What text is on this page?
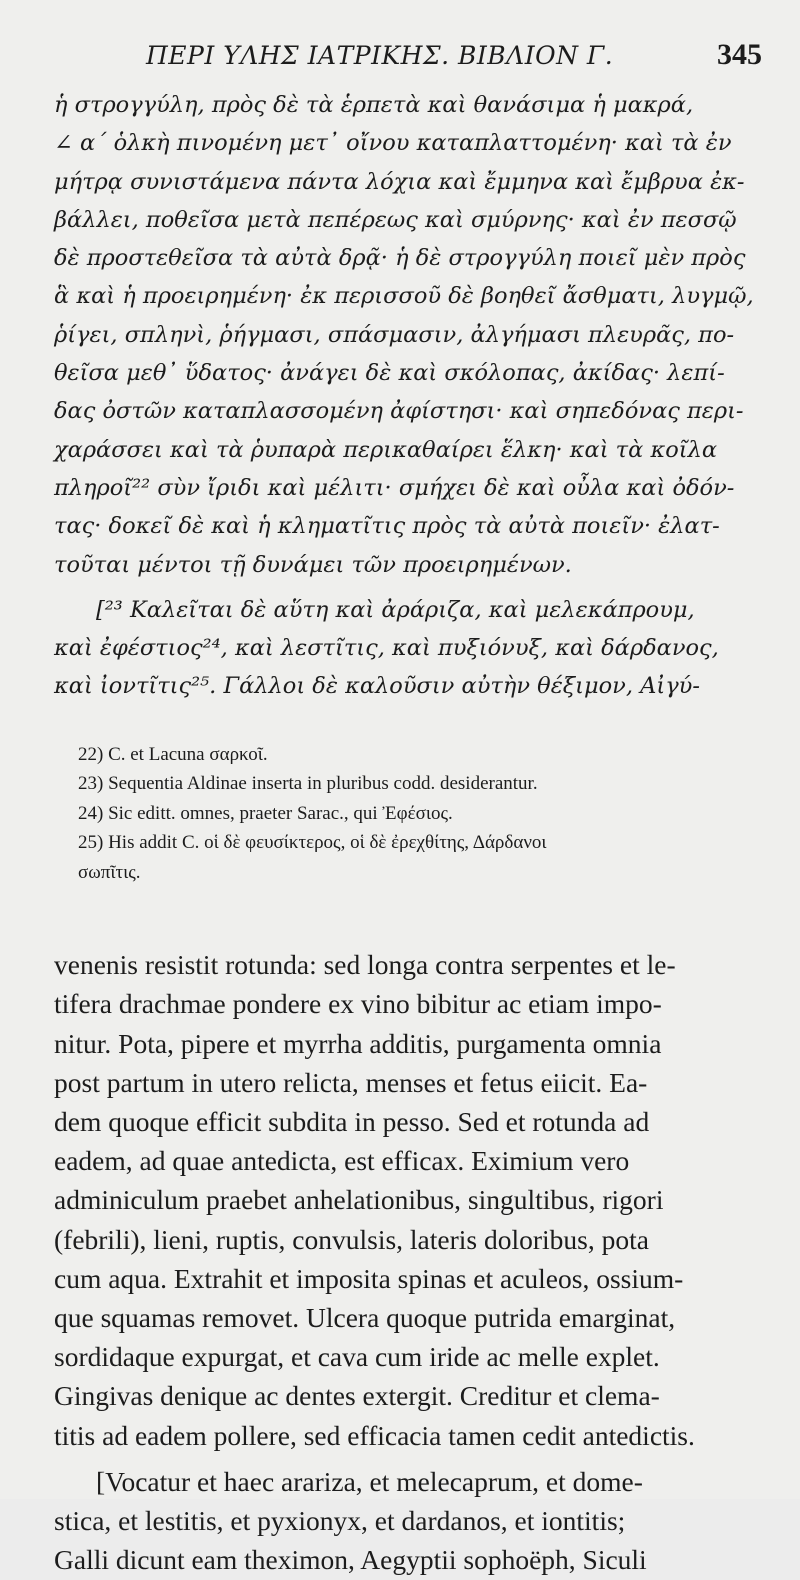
ΠΕΡΙ ΥΛΗΣ ΙΑΤΡΙΚΗΣ. ΒΙΒΛΙΟΝ Γ.	345

ἡ στρογγύλη, πρὸς δὲ τὰ ἑρπετὰ καὶ θανάσιμα ἡ μακρά,
∠ α΄ ὁλκὴ πινομένη μετ᾽ οἴνου καταπλαττομένη· καὶ τὰ ἐν
μήτρᾳ συνιστάμενα πάντα λόχια καὶ ἔμμηνα καὶ ἔμβρυα ἐκ-
βάλλει, ποθεῖσα μετὰ πεπέρεως καὶ σμύρνης· καὶ ἐν πεσσῷ
δὲ προστεθεῖσα τὰ αὐτὰ δρᾷ· ἡ δὲ στρογγύλη ποιεῖ μὲν πρὸς
ἃ καὶ ἡ προειρημένη· ἐκ περισσοῦ δὲ βοηθεῖ ἄσθματι, λυγμῷ,
ῥίγει, σπληνὶ, ῥήγμασι, σπάσμασιν, ἀλγήμασι πλευρᾶς, πο-
θεῖσα μεθ᾽ ὕδατος· ἀνάγει δὲ καὶ σκόλοπας, ἀκίδας· λεπί-
δας ὀστῶν καταπλασσομένη ἀφίστησι· καὶ σηπεδόνας περι-
χαράσσει καὶ τὰ ῥυπαρὰ περικαθαίρει ἕλκη· καὶ τὰ κοῖλα
πληροῖ²² σὺν ἴριδι καὶ μέλιτι· σμήχει δὲ καὶ οὖλα καὶ ὀδόν-
τας· δοκεῖ δὲ καὶ ἡ κληματῖτις πρὸς τὰ αὐτὰ ποιεῖν· ἐλατ-
τοῦται μέντοι τῇ δυνάμει τῶν προειρημένων.

[²³ Καλεῖται δὲ αὕτη καὶ ἀράριζα, καὶ μελεκάπρουμ,
καὶ ἐφέστιος²⁴, καὶ λεστῖτις, καὶ πυξιόνυξ, καὶ δάρδανος,
καὶ ἰοντῖτις²⁵. Γάλλοι δὲ καλοῦσιν αὐτὴν θέξιμον, Αἰγύ-

22) C. et Lacuna σαρκοῖ.
23) Sequentia Aldinae inserta in pluribus codd. desiderantur.
24) Sic editt. omnes, praeter Sarac., qui Ἐφέσιος.
25) His addit C. οἱ δὲ φευσίκτερος, οἱ δὲ ἐρεχθίτης, Δάρδανοι
σωπῖτις.

venenis resistit rotunda: sed longa contra serpentes et le-
tifera drachmae pondere ex vino bibitur ac etiam impo-
nitur. Pota, pipere et myrrha additis, purgamenta omnia
post partum in utero relicta, menses et fetus eiicit. Ea-
dem quoque efficit subdita in pesso. Sed et rotunda ad
eadem, ad quae antedicta, est efficax. Eximium vero
adminiculum praebet anhelationibus, singultibus, rigori
(febrili), lieni, ruptis, convulsis, lateris doloribus, pota
cum aqua. Extrahit et imposita spinas et aculeos, ossium-
que squamas removet. Ulcera quoque putrida emarginat,
sordidaque expurgat, et cava cum iride ac melle explet.
Gingivas denique ac dentes extergit. Creditur et clema-
titis ad eadem pollere, sed efficacia tamen cedit antedictis.

[Vocatur et haec arariza, et melecaprum, et dome-
stica, et lestitis, et pyxionyx, et dardanos, et iontitis;
Galli dicunt eam theximon, Aegyptii sophoëph, Siculi
